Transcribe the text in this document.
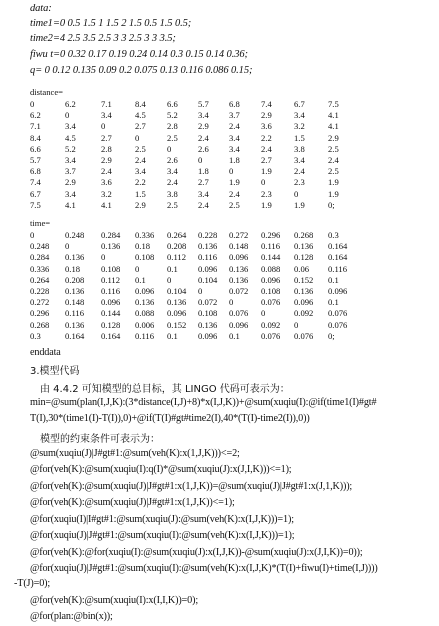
data:
time1=0 0.5 1.5 1 1.5 2 1.5 0.5 1.5 0.5;
time2=4 2.5 3.5 2.5 3 3 2.5 3 3 3.5;
fiwu t=0 0.32 0.17 0.19 0.24 0.14 0.3 0.15 0.14 0.36;
q= 0 0.12 0.135 0.09 0.2 0.075 0.13 0.116 0.086 0.15;
distance=
0	6.2	7.1	8.4 6.6 5.7 6.8 7.4	6.7	7.5
6.2	0	3.4	4.5 5.2 3.4 3.7 2.9	3.4	4.1
7.1	3.4	0	2.7 2.8 2.9 2.4 3.6	3.2	4.1
8.4	4.5	2.7	0	2.5 2.4 3.4 2.2	1.5	2.9
6.6	5.2	2.8	2.5 0	2.6 3.4 2.4	3.8	2.5
5.7	3.4	2.9	2.4 2.6 0	1.8 2.7	3.4	2.4
6.8	3.7	2.4	3.4 3.4 1.8 0	1.9	2.4	2.5
7.4	2.9	3.6	2.2 2.4 2.7 1.9 0	2.3	1.9
6.7	3.4	3.2	1.5 3.8 3.4 2.4 2.3	0	1.9
7.5	4.1	4.1	2.9 2.5 2.4 2.5 1.9	1.9	0;
time=
0	0.248 0.284 0.336 0.264 0.228 0.272 0.296 0.268 0.3
0.248 0	0.136 0.18 0.208 0.136 0.148 0.116 0.136 0.164
0.284 0.136 0	0.108 0.112 0.116 0.096 0.144 0.128 0.164
0.336 0.18 0.108 0	0.1 0.096 0.136 0.088 0.06 0.116
0.264 0.208 0.112 0.1 0	0.104 0.136 0.096 0.152 0.1
0.228 0.136 0.116 0.096 0.104 0	0.072 0.108 0.136 0.096
0.272 0.148 0.096 0.136 0.136 0.072 0	0.076 0.096 0.1
0.296 0.116 0.144 0.088 0.096 0.108 0.076 0	0.092 0.076
0.268 0.136 0.128 0.006 0.152 0.136 0.096 0.092 0	0.076
0.3	0.164 0.164 0.116 0.1 0.096 0.1 0.076 0.076 0;
enddata
3.模型代码
由 4.4.2 可知模型的总目标，其 LINGO 代码可表示为：
min=@sum(plan(I,J,K):(3*distance(I,J)+8)*x(I,J,K))+@sum(xuqiu(I):@if(time1(I)#gt#
T(I),30*(time1(I)-T(I)),0)+@if(T(I)#gt#time2(I),40*(T(I)-time2(I)),0))
模型的约束条件可表示为：
@sum(xuqiu(J)|J#gt#1:@sum(veh(K):x(1,J,K)))<=2;
@for(veh(K):@sum(xuqiu(I):q(I)*@sum(xuqiu(J):x(J,I,K)))<=1);
@for(veh(K):@sum(xuqiu(J)|J#gt#1:x(1,J,K))=@sum(xuqiu(J)|J#gt#1:x(J,1,K)));
@for(veh(K):@sum(xuqiu(J)|J#gt#1:x(1,J,K))<=1);
@for(xuqiu(I)|I#gt#1:@sum(xuqiu(J):@sum(veh(K):x(I,J,K)))=1);
@for(xuqiu(J)|J#gt#1:@sum(xuqiu(I):@sum(veh(K):x(I,J,K)))=1);
@for(veh(K):@for(xuqiu(I):@sum(xuqiu(J):x(I,J,K))-@sum(xuqiu(J):x(J,I,K))=0));
@for(xuqiu(J)|J#gt#1:@sum(xuqiu(I):@sum(veh(K):x(I,J,K)*(T(I)+fiwu(I)+time(I,J))))
-T(J)=0);
@for(veh(K):@sum(xuqiu(I):x(I,I,K))=0);
@for(plan:@bin(x));
